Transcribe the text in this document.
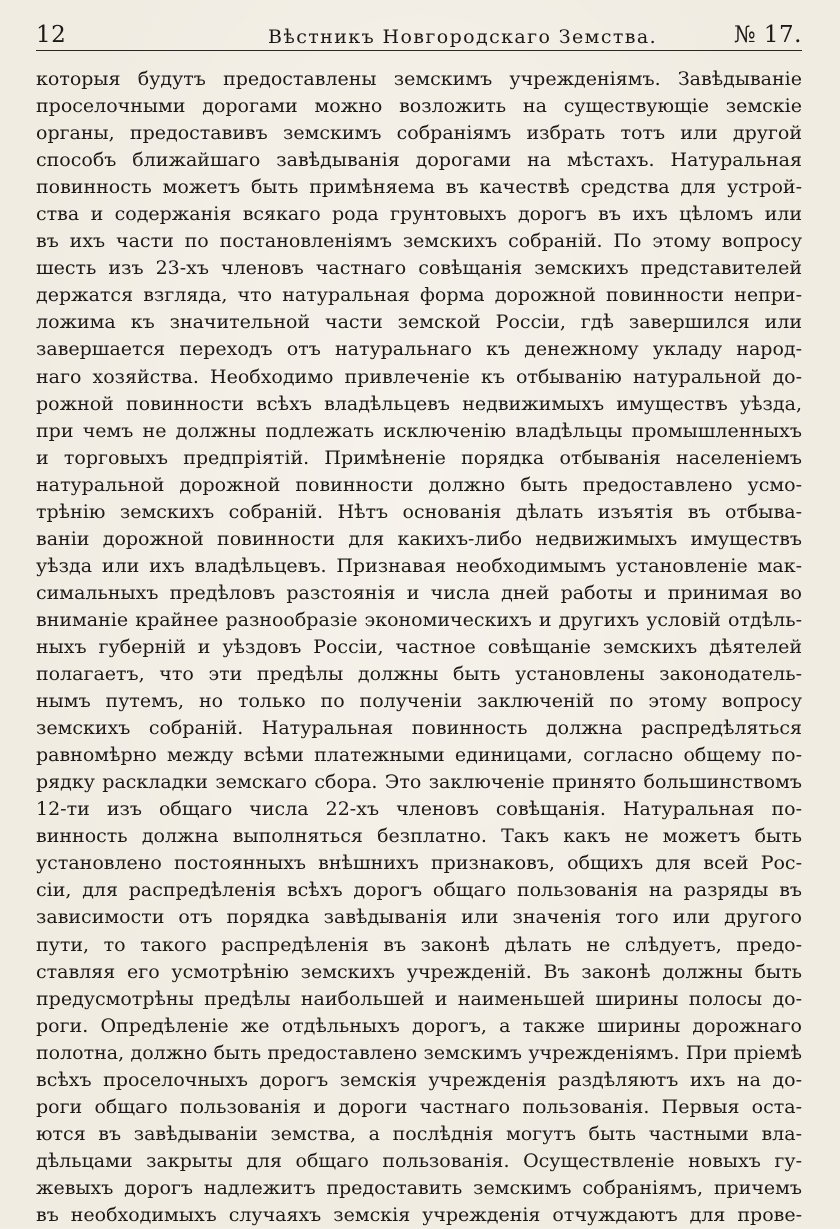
12	Вѣстникъ Новгородскаго Земства.	№ 17.
которыя будутъ предоставлены земскимъ учрежденіямъ. Завѣдываніе
проселочными дорогами можно возложить на существующіе земскіе
органы, предоставивъ земскимъ собраніямъ избрать тотъ или другой
способъ ближайшаго завѣдыванія дорогами на мѣстахъ. Натуральная
повинность можетъ быть примѣняема въ качествѣ средства для устрой-
ства и содержанія всякаго рода грунтовыхъ дорогъ въ ихъ цѣломъ или
въ ихъ части по постановленіямъ земскихъ собраній. По этому вопросу
шесть изъ 23-хъ членовъ частнаго совѣщанія земскихъ представителей
держатся взгляда, что натуральная форма дорожной повинности непри-
ложима къ значительной части земской Россіи, гдѣ завершился или
завершается переходъ отъ натуральнаго къ денежному укладу народ-
наго хозяйства. Необходимо привлеченіе къ отбыванію натуральной до-
рожной повинности всѣхъ владѣльцевъ недвижимыхъ имуществъ уѣзда,
при чемъ не должны подлежать исключенію владѣльцы промышленныхъ
и торговыхъ предпріятій. Примѣненіе порядка отбыванія населеніемъ
натуральной дорожной повинности должно быть предоставлено усмо-
трѣнію земскихъ собраній. Нѣтъ основанія дѣлать изъятія въ отбыва-
ваніи дорожной повинности для какихъ-либо недвижимыхъ имуществъ
уѣзда или ихъ владѣльцевъ. Признавая необходимымъ установленіе мак-
симальныхъ предѣловъ разстоянія и числа дней работы и принимая во
вниманіе крайнее разнообразіе экономическихъ и другихъ условій отдѣль-
ныхъ губерній и уѣздовъ Россіи, частное совѣщаніе земскихъ дѣятелей
полагаетъ, что эти предѣлы должны быть установлены законодатель-
нымъ путемъ, но только по полученіи заключеній по этому вопросу
земскихъ собраній. Натуральная повинность должна распредѣляться
равномѣрно между всѣми платежными единицами, согласно общему по-
рядку раскладки земскаго сбора. Это заключеніе принято большинствомъ
12-ти изъ общаго числа 22-хъ членовъ совѣщанія. Натуральная по-
винность должна выполняться безплатно. Такъ какъ не можетъ быть
установлено постоянныхъ внѣшнихъ признаковъ, общихъ для всей Рос-
сіи, для распредѣленія всѣхъ дорогъ общаго пользованія на разряды въ
зависимости отъ порядка завѣдыванія или значенія того или другого
пути, то такого распредѣленія въ законѣ дѣлать не слѣдуетъ, предо-
ставляя его усмотрѣнію земскихъ учрежденій. Въ законѣ должны быть
предусмотрѣны предѣлы наибольшей и наименьшей ширины полосы до-
роги. Опредѣленіе же отдѣльныхъ дорогъ, а также ширины дорожнаго
полотна, должно быть предоставлено земскимъ учрежденіямъ. При пріемѣ
всѣхъ проселочныхъ дорогъ земскія учрежденія раздѣляютъ ихъ на до-
роги общаго пользованія и дороги частнаго пользованія. Первыя оста-
ются въ завѣдываніи земства, а послѣднія могутъ быть частными вла-
дѣльцами закрыты для общаго пользованія. Осуществленіе новыхъ гу-
жевыхъ дорогъ надлежитъ предоставить земскимъ собраніямъ, причемъ
въ необходимыхъ случаяхъ земскія учрежденія отчуждаютъ для прове-
